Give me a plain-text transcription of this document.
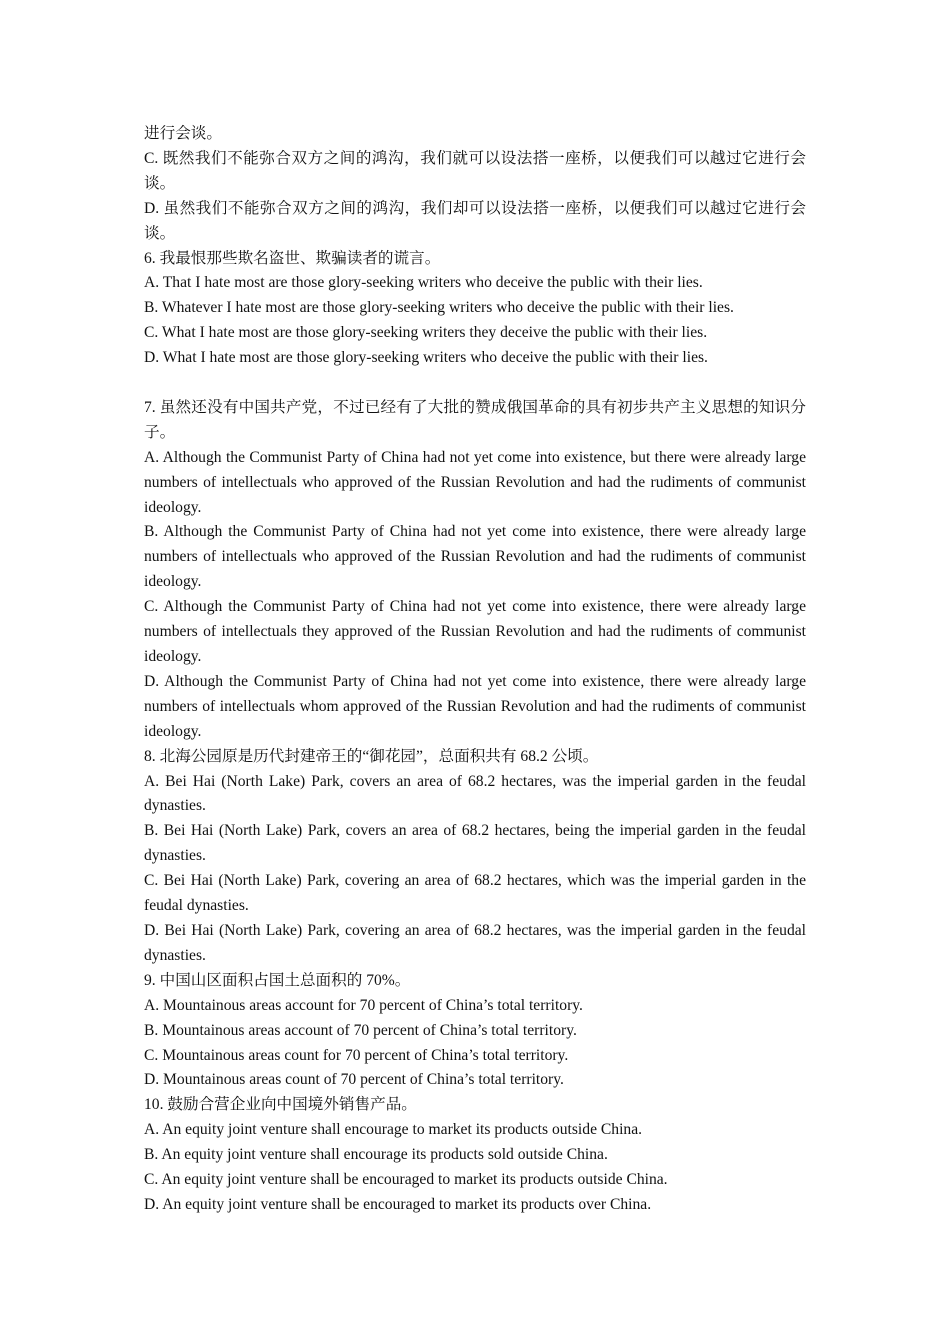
进行会谈。

C. 既然我们不能弥合双方之间的鸿沟，我们就可以设法搭一座桥，以便我们可以越过它进行会谈。

D. 虽然我们不能弥合双方之间的鸿沟，我们却可以设法搭一座桥，以便我们可以越过它进行会谈。

6. 我最恨那些欺名盗世、欺骗读者的谎言。

A. That I hate most are those glory-seeking writers who deceive the public with their lies.

B. Whatever I hate most are those glory-seeking writers who deceive the public with their lies.

C. What I hate most are those glory-seeking writers they deceive the public with their lies.

D. What I hate most are those glory-seeking writers who deceive the public with their lies.

7. 虽然还没有中国共产党，不过已经有了大批的赞成俄国革命的具有初步共产主义思想的知识分子。

A. Although the Communist Party of China had not yet come into existence, but there were already large numbers of intellectuals who approved of the Russian Revolution and had the rudiments of communist ideology.

B. Although the Communist Party of China had not yet come into existence, there were already large numbers of intellectuals who approved of the Russian Revolution and had the rudiments of communist ideology.

C. Although the Communist Party of China had not yet come into existence, there were already large numbers of intellectuals they approved of the Russian Revolution and had the rudiments of communist ideology.

D. Although the Communist Party of China had not yet come into existence, there were already large numbers of intellectuals whom approved of the Russian Revolution and had the rudiments of communist ideology.

8. 北海公园原是历代封建帝王的“御花园”，总面积共有 68.2 公顷。

A. Bei Hai (North Lake) Park, covers an area of 68.2 hectares, was the imperial garden in the feudal dynasties.

B. Bei Hai (North Lake) Park, covers an area of 68.2 hectares, being the imperial garden in the feudal dynasties.

C. Bei Hai (North Lake) Park, covering an area of 68.2 hectares, which was the imperial garden in the feudal dynasties.

D. Bei Hai (North Lake) Park, covering an area of 68.2 hectares, was the imperial garden in the feudal dynasties.

9. 中国山区面积占国土总面积的 70%。

A. Mountainous areas account for 70 percent of China’s total territory.

B. Mountainous areas account of 70 percent of China’s total territory.

C. Mountainous areas count for 70 percent of China’s total territory.

D. Mountainous areas count of 70 percent of China’s total territory.

10. 鼓励合营企业向中国境外销售产品。

A. An equity joint venture shall encourage to market its products outside China.

B. An equity joint venture shall encourage its products sold outside China.

C. An equity joint venture shall be encouraged to market its products outside China.

D. An equity joint venture shall be encouraged to market its products over China.
